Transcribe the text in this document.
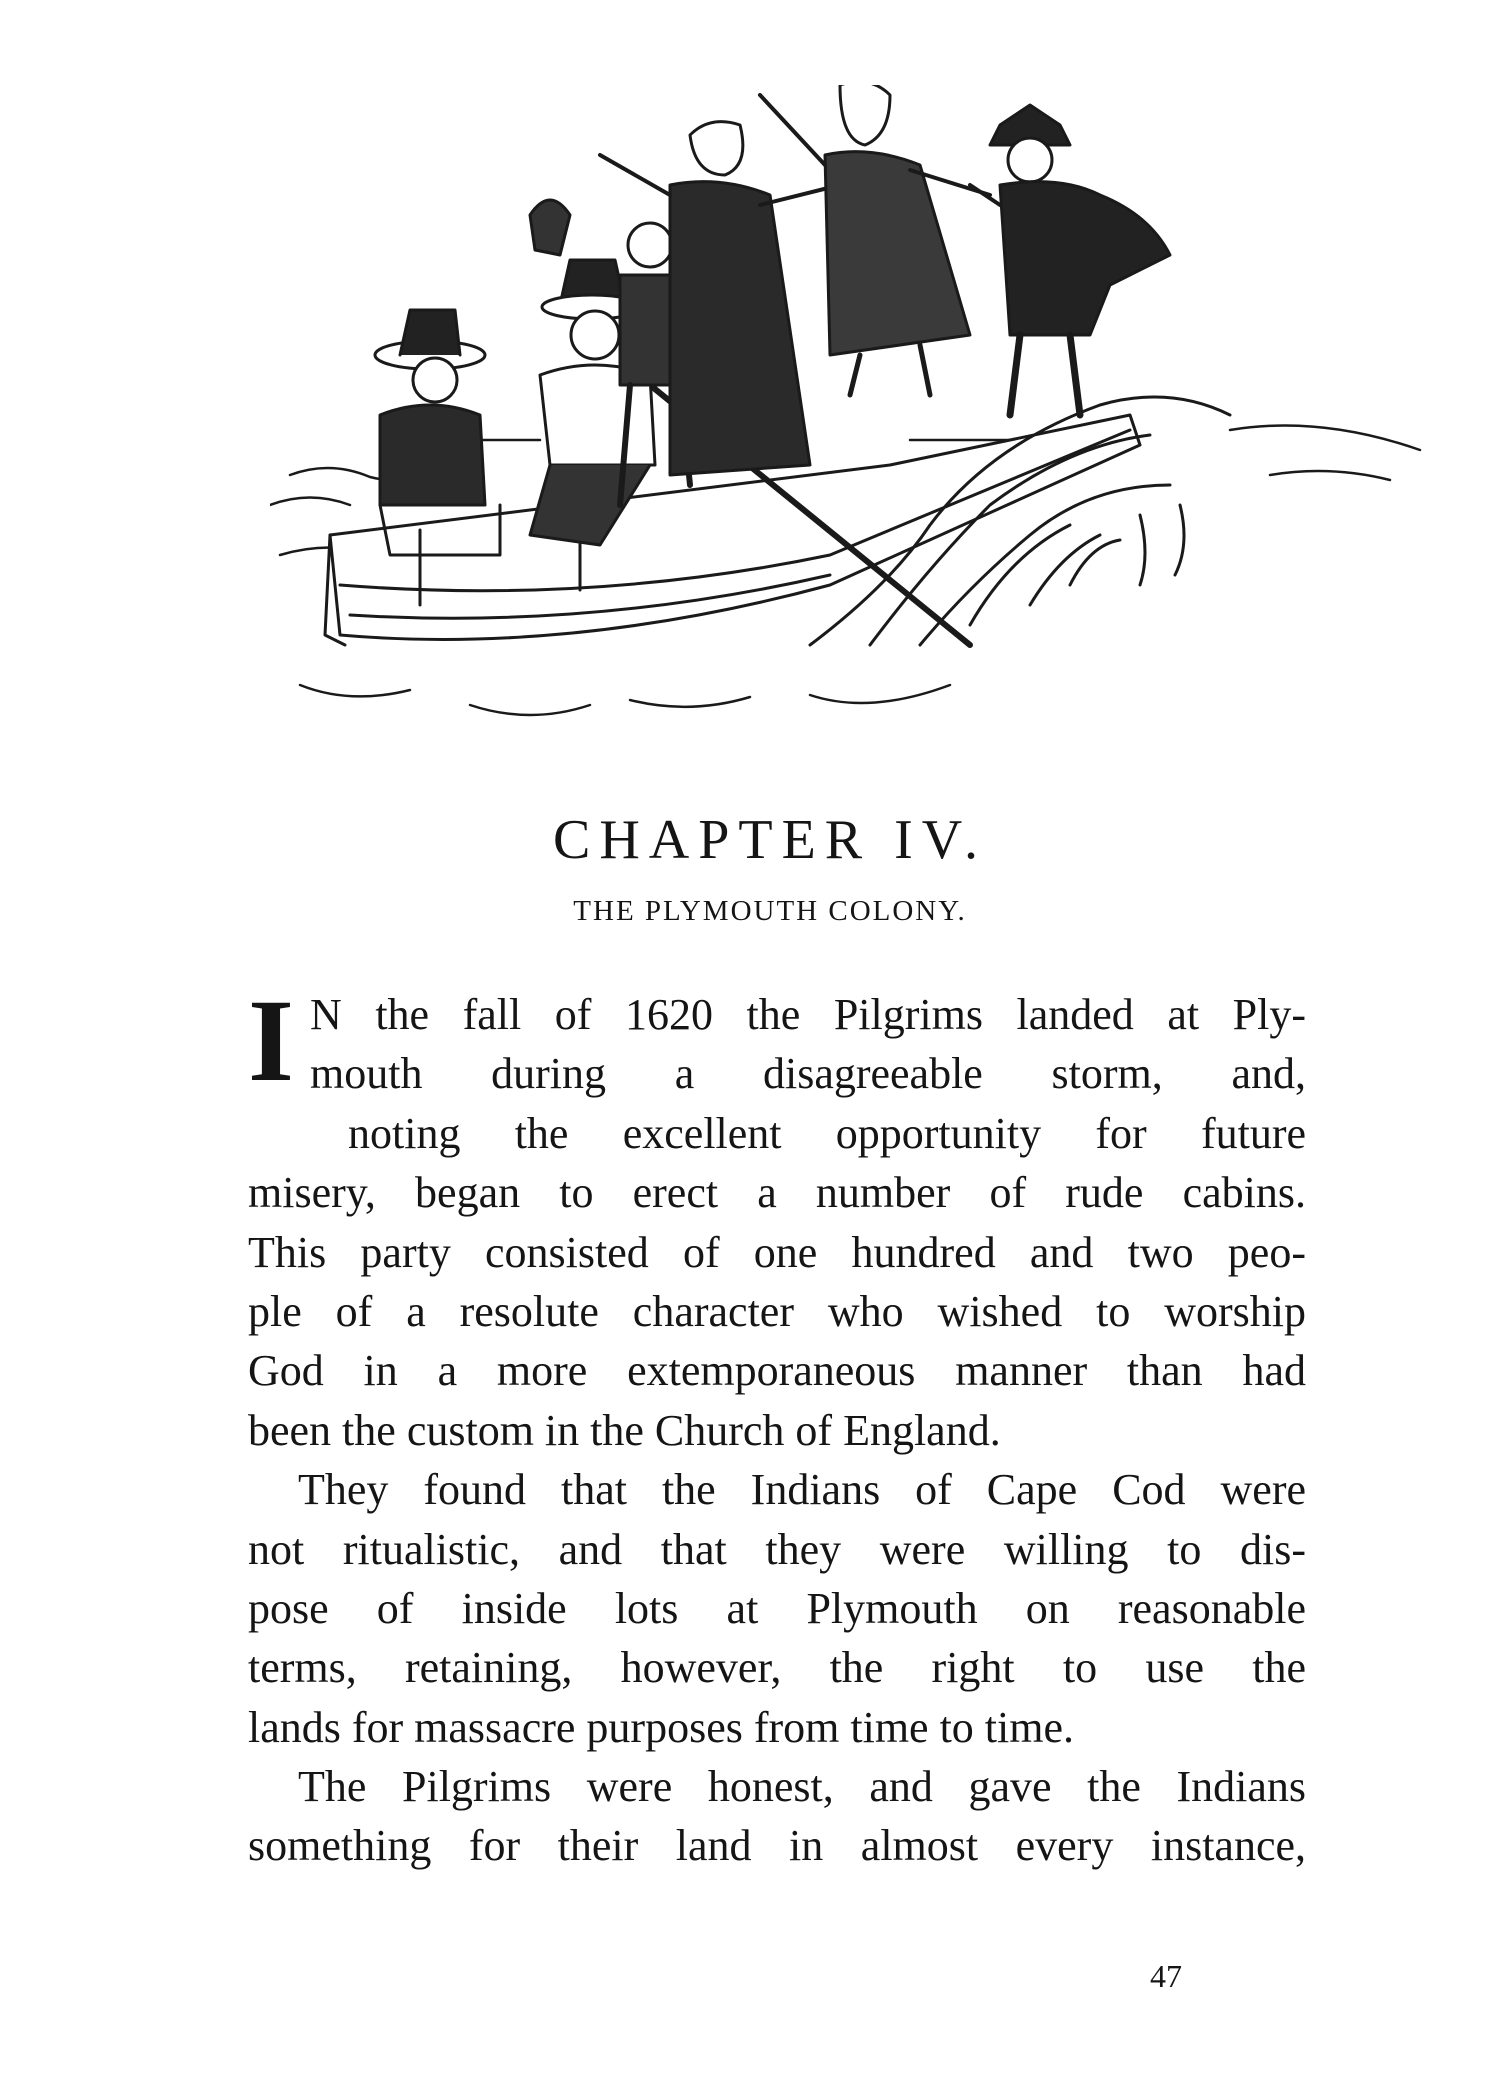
CHAPTER IV.
THE PLYMOUTH COLONY.
I N the fall of 1620 the Pilgrims landed at Ply-
mouth during a disagreeable storm, and,
noting the excellent opportunity for future
misery, began to erect a number of rude cabins.
This party consisted of one hundred and two peo-
ple of a resolute character who wished to worship
God in a more extemporaneous manner than had
been the custom in the Church of England.
They found that the Indians of Cape Cod were
not ritualistic, and that they were willing to dis-
pose of inside lots at Plymouth on reasonable
terms, retaining, however, the right to use the
lands for massacre purposes from time to time.
The Pilgrims were honest, and gave the Indians
something for their land in almost every instance,
47
